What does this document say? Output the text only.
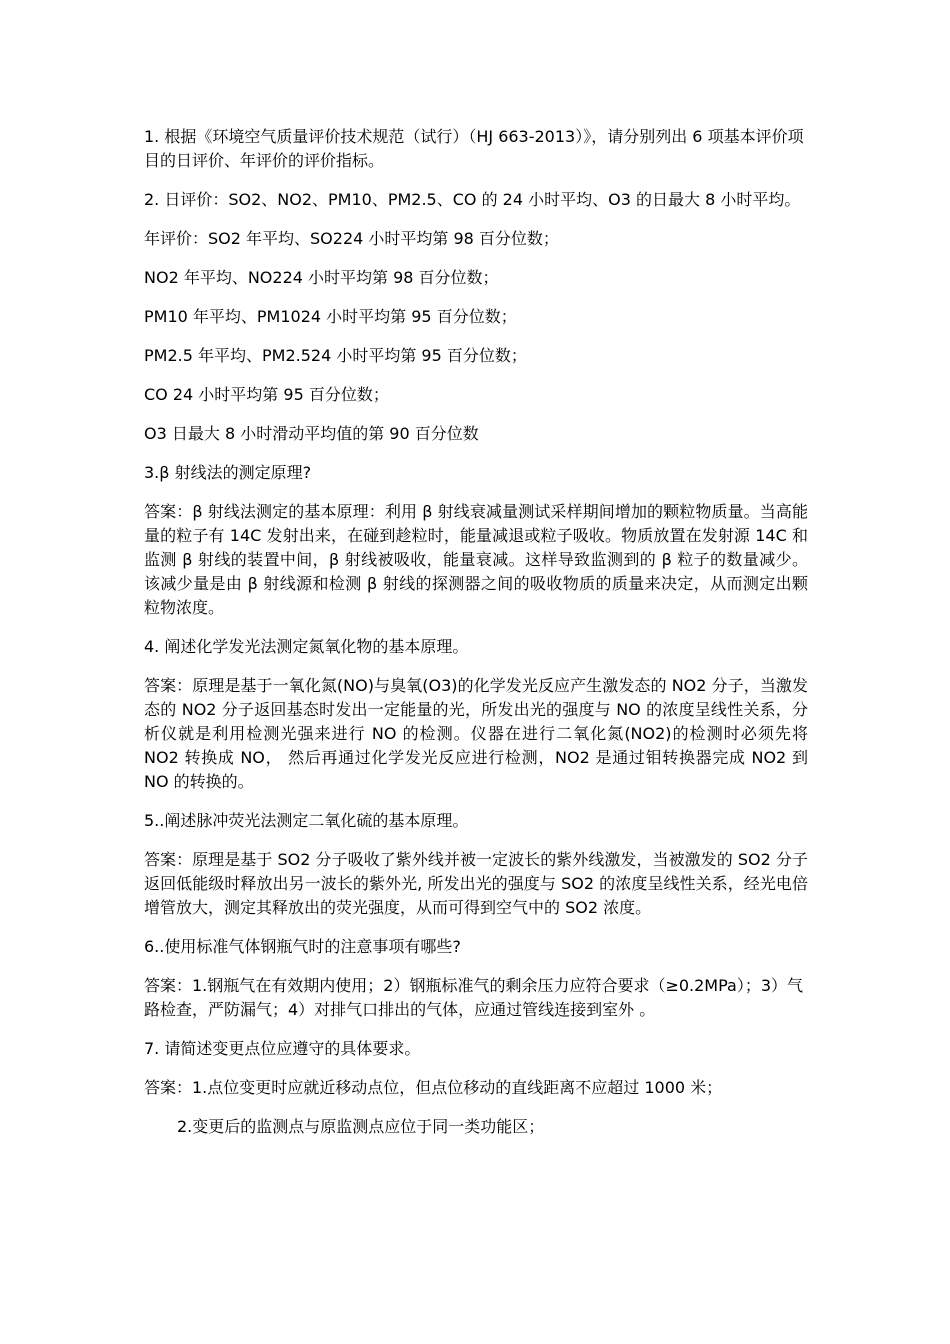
1. 根据《环境空气质量评价技术规范（试行）（HJ 663-2013）》，请分别列出 6 项基本评价项目的日评价、年评价的评价指标。

2. 日评价：SO2、NO2、PM10、PM2.5、CO 的 24 小时平均、O3 的日最大 8 小时平均。

年评价：SO2 年平均、SO224 小时平均第 98 百分位数；

NO2 年平均、NO224 小时平均第 98 百分位数；

PM10 年平均、PM1024 小时平均第 95 百分位数；

PM2.5 年平均、PM2.524 小时平均第 95 百分位数；

CO 24 小时平均第 95 百分位数；

O3 日最大 8 小时滑动平均值的第 90 百分位数

3.β 射线法的测定原理?

答案：β 射线法测定的基本原理：利用 β 射线衰减量测试采样期间增加的颗粒物质量。当高能量的粒子有 14C 发射出来，在碰到趁粒时，能量减退或粒子吸收。物质放置在发射源 14C 和监测 β 射线的装置中间，β 射线被吸收，能量衰减。这样导致监测到的 β 粒子的数量减少。该减少量是由 β 射线源和检测 β 射线的探测器之间的吸收物质的质量来决定，从而测定出颗粒物浓度。

4. 阐述化学发光法测定氮氧化物的基本原理。

答案：原理是基于一氧化氮(NO)与臭氧(O3)的化学发光反应产生激发态的 NO2 分子，当激发态的 NO2 分子返回基态时发出一定能量的光，所发出光的强度与 NO 的浓度呈线性关系，分析仪就是利用检测光强来进行 NO 的检测。仪器在进行二氧化氮(NO2)的检测时必须先将 NO2 转换成 NO， 然后再通过化学发光反应进行检测，NO2 是通过钼转换器完成 NO2 到 NO 的转换的。

5..阐述脉冲荧光法测定二氧化硫的基本原理。

答案：原理是基于 SO2 分子吸收了紫外线并被一定波长的紫外线激发，当被激发的 SO2 分子返回低能级时释放出另一波长的紫外光, 所发出光的强度与 SO2 的浓度呈线性关系，经光电倍增管放大，测定其释放出的荧光强度，从而可得到空气中的 SO2 浓度。

6..使用标准气体钢瓶气时的注意事项有哪些?

答案：1.钢瓶气在有效期内使用；2）钢瓶标准气的剩余压力应符合要求（≥0.2MPa）；3）气路检查，严防漏气；4）对排气口排出的气体，应通过管线连接到室外 。

7. 请简述变更点位应遵守的具体要求。

答案：1.点位变更时应就近移动点位，但点位移动的直线距离不应超过 1000 米；

2.变更后的监测点与原监测点应位于同一类功能区；
